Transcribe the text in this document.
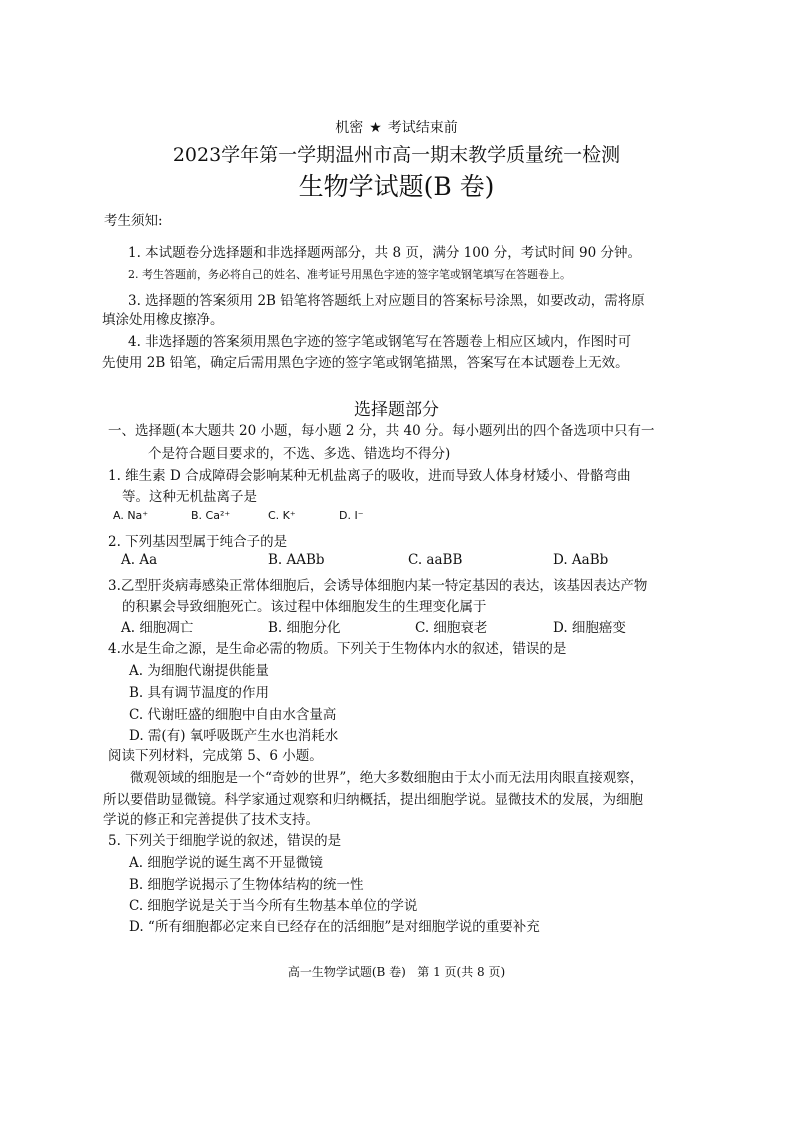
机密 ★ 考试结束前
2023学年第一学期温州市高一期末教学质量统一检测
生物学试题(B 卷)
考生须知:
1. 本试题卷分选择题和非选择题两部分，共 8 页，满分 100 分，考试时间 90 分钟。
2. 考生答题前，务必将自己的姓名、准考证号用黑色字迹的签字笔或钢笔填写在答题卷上。
3. 选择题的答案须用 2B 铅笔将答题纸上对应题目的答案标号涂黑，如要改动，需将原
填涂处用橡皮擦净。
4. 非选择题的答案须用黑色字迹的签字笔或钢笔写在答题卷上相应区域内，作图时可
先使用 2B 铅笔，确定后需用黑色字迹的签字笔或钢笔描黑，答案写在本试题卷上无效。
选择题部分
一、选择题(本大题共 20 小题，每小题 2 分，共 40 分。每小题列出的四个备选项中只有一
个是符合题目要求的，不选、多选、错选均不得分)
1. 维生素 D 合成障碍会影响某种无机盐离子的吸收，进而导致人体身材矮小、骨骼弯曲
等。这种无机盐离子是
A. Na⁺	B. Ca²⁺	C. K⁺	D. I⁻
2. 下列基因型属于纯合子的是
A. Aa	B. AABb	C. aaBB	D. AaBb
3.乙型肝炎病毒感染正常体细胞后，会诱导体细胞内某一特定基因的表达，该基因表达产物
的积累会导致细胞死亡。该过程中体细胞发生的生理变化属于
A. 细胞凋亡	B. 细胞分化	C. 细胞衰老	D. 细胞癌变
4.水是生命之源，是生命必需的物质。下列关于生物体内水的叙述，错误的是
A. 为细胞代谢提供能量
B. 具有调节温度的作用
C. 代谢旺盛的细胞中自由水含量高
D. 需(有) 氧呼吸既产生水也消耗水
阅读下列材料，完成第 5、6 小题。
微观领域的细胞是一个“奇妙的世界”，绝大多数细胞由于太小而无法用肉眼直接观察，
所以要借助显微镜。科学家通过观察和归纳概括，提出细胞学说。显微技术的发展，为细胞
学说的修正和完善提供了技术支持。
5. 下列关于细胞学说的叙述，错误的是
A. 细胞学说的诞生离不开显微镜
B. 细胞学说揭示了生物体结构的统一性
C. 细胞学说是关于当今所有生物基本单位的学说
D. “所有细胞都必定来自已经存在的活细胞”是对细胞学说的重要补充
高一生物学试题(B 卷)   第 1 页(共 8 页)
